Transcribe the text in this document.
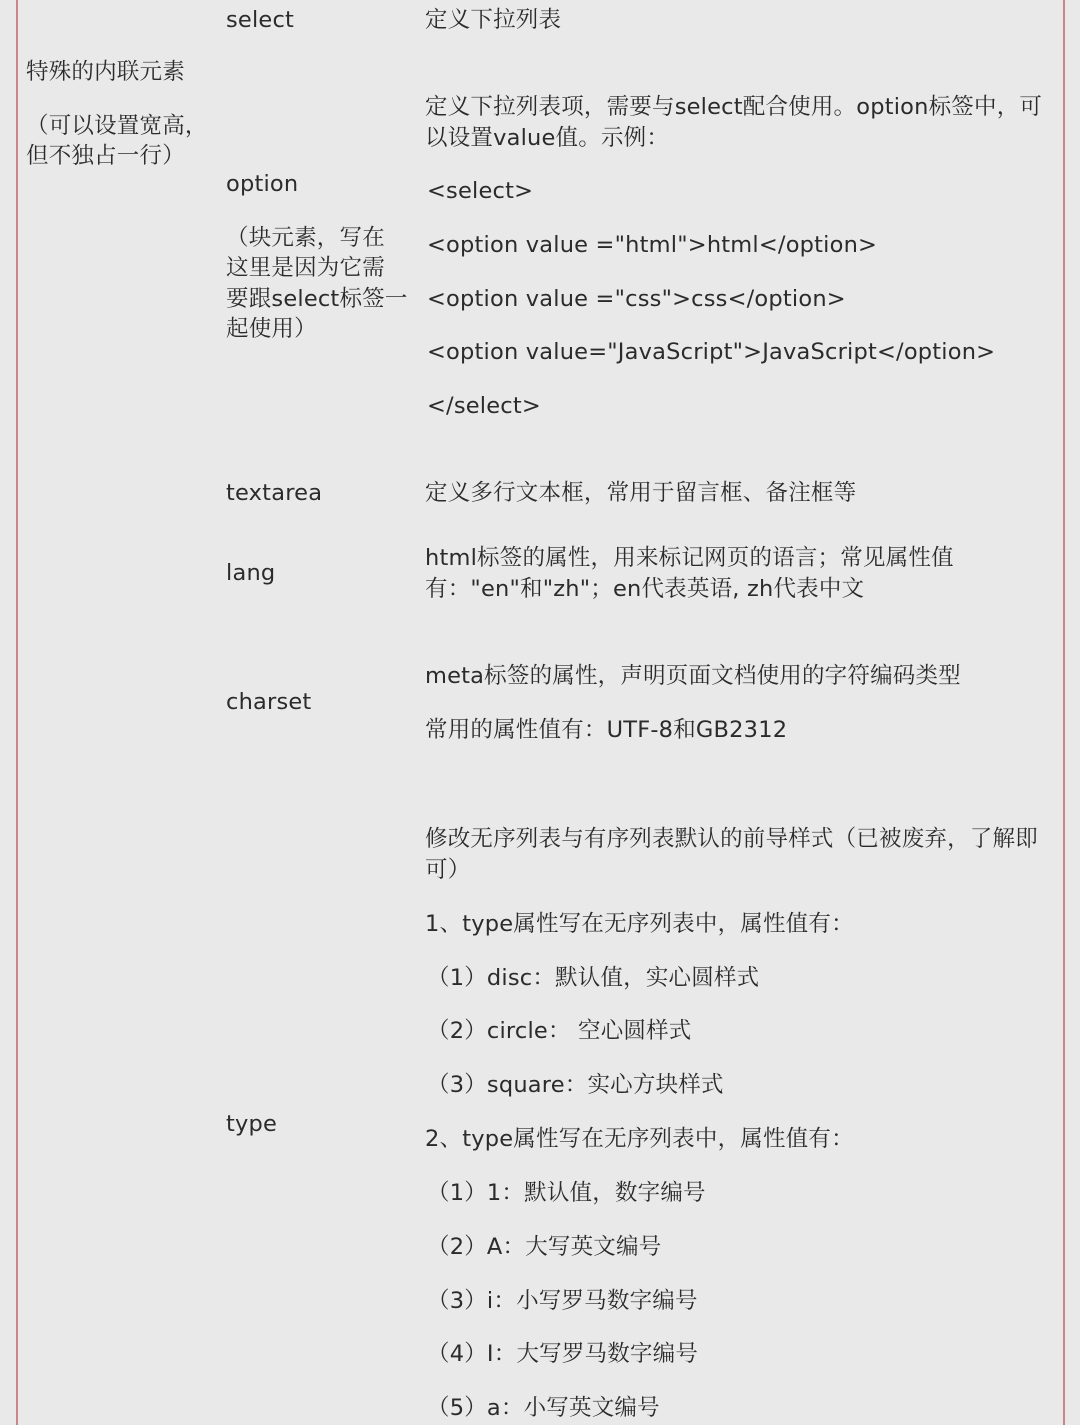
特殊的内联元素
（可以设置宽高，
但不独占一行）
select	定义下拉列表
option
（块元素，写在
这里是因为它需
要跟select标签一
起使用）
定义下拉列表项，需要与select配合使用。option标签中，可
以设置value值。示例：
<select>
<option value ="html">html</option>
<option value ="css">css</option>
<option value="JavaScript">JavaScript</option>
</select>
textarea	定义多行文本框，常用于留言框、备注框等
lang
html标签的属性，用来标记网页的语言；常见属性值
有："en"和"zh"；en代表英语, zh代表中文
charset
meta标签的属性，声明页面文档使用的字符编码类型
常用的属性值有：UTF-8和GB2312
type
修改无序列表与有序列表默认的前导样式（已被废弃，了解即
可）
1、type属性写在无序列表中，属性值有：
（1）disc：默认值，实心圆样式
（2）circle： 空心圆样式
（3）square：实心方块样式
2、type属性写在无序列表中，属性值有：
（1）1：默认值，数字编号
（2）A：大写英文编号
（3）i：小写罗马数字编号
（4）I：大写罗马数字编号
（5）a：小写英文编号
